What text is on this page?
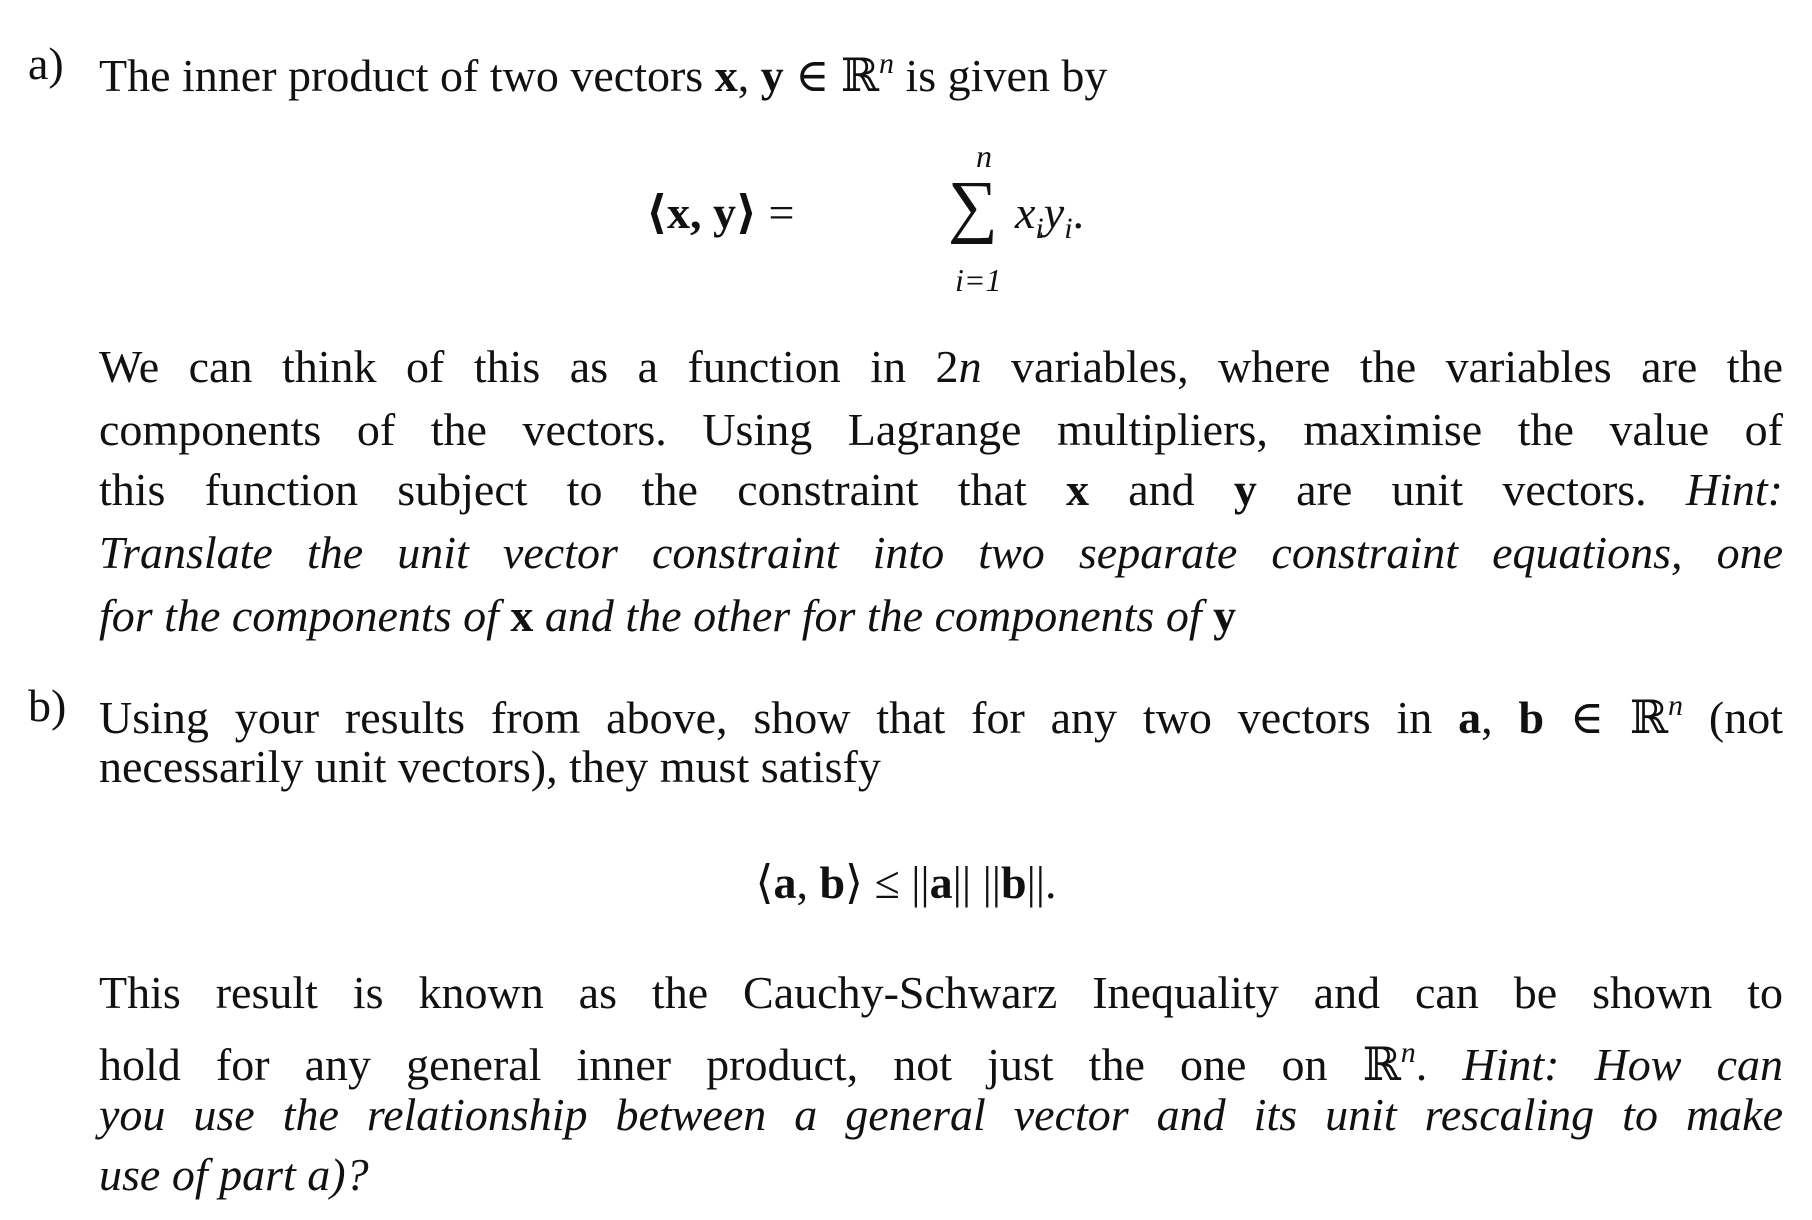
a) The inner product of two vectors x, y ∈ ℝ$^n$ is given by
⟨x, y⟩ = ∑
n
i=1
$x_iy_i$.
We can think of this as a function in 2n variables, where the variables are the
components of the vectors. Using Lagrange multipliers, maximise the value of
this function subject to the constraint that x and y are unit vectors. Hint:
Translate the unit vector constraint into two separate constraint equations, one
for the components of x and the other for the components of y
b) Using your results from above, show that for any two vectors in a, b ∈ ℝ$^n$ (not
necessarily unit vectors), they must satisfy
⟨a, b⟩ ≤ ||a|| ||b||.
This result is known as the Cauchy-Schwarz Inequality and can be shown to
hold for any general inner product, not just the one on ℝ$^n$. Hint: How can
you use the relationship between a general vector and its unit rescaling to make
use of part a)?
